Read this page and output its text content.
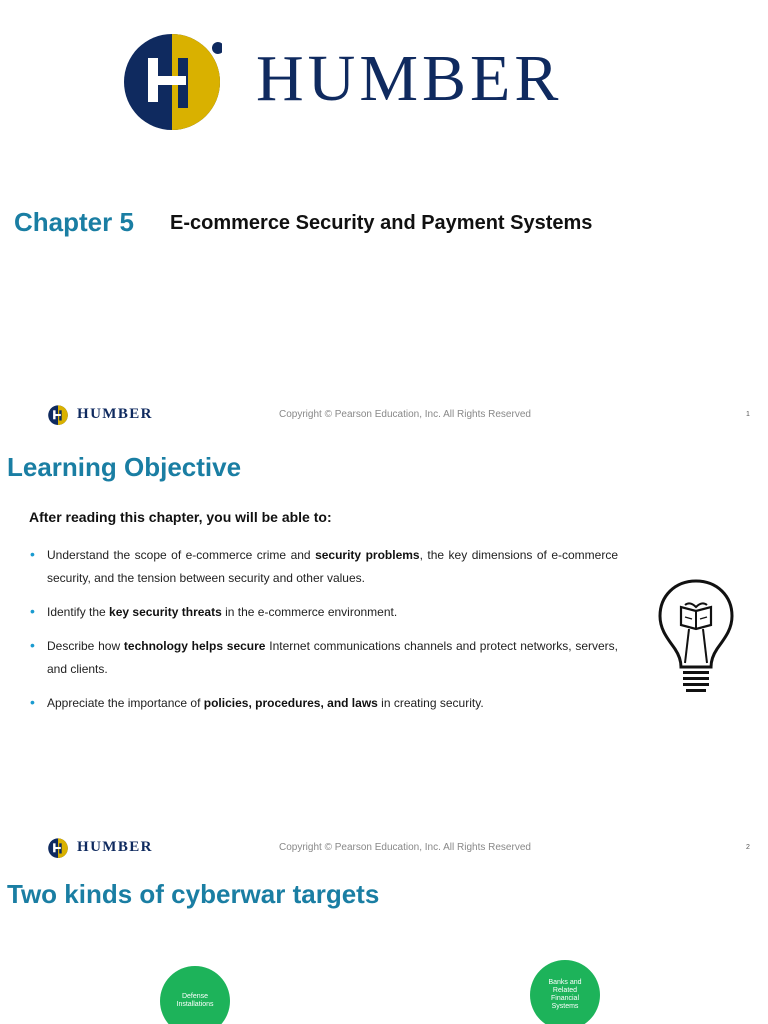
HUMBER
Chapter 5 E-commerce Security and Payment Systems
HUMBER	Copyright © Pearson Education, Inc. All Rights Reserved	1
Learning Objective
After reading this chapter, you will be able to:
• Understand the scope of e-commerce crime and security problems, the key dimensions of e-commerce security, and the tension between security and other values.
• Identify the key security threats in the e-commerce environment.
• Describe how technology helps secure Internet communications channels and protect networks, servers, and clients.
• Appreciate the importance of policies, procedures, and laws in creating security.
HUMBER	Copyright © Pearson Education, Inc. All Rights Reserved	2
Two kinds of cyberwar targets
Defense Installations
Banks and Related Financial Systems
